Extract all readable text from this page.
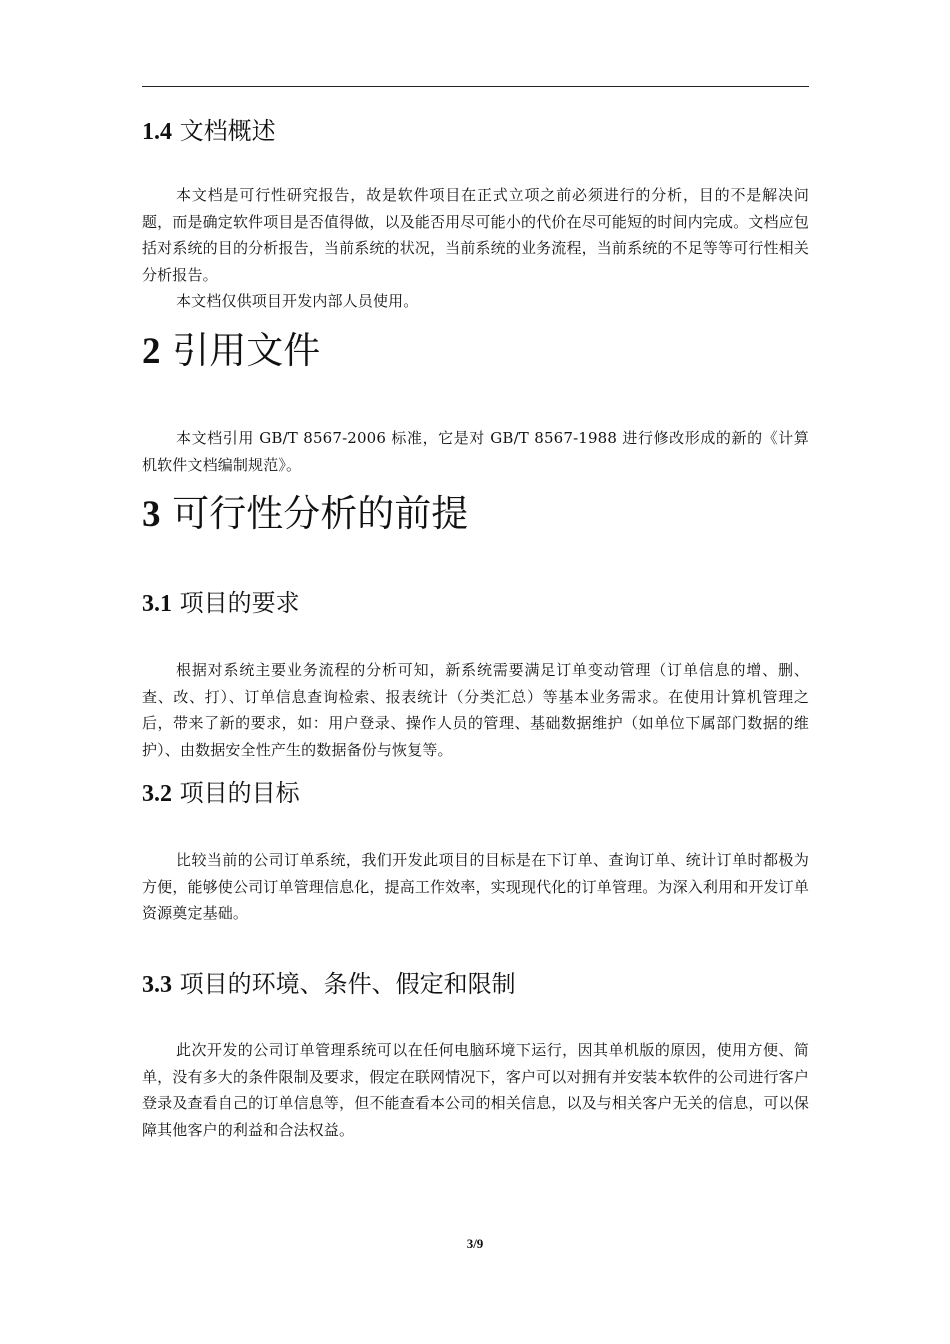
1.4 文档概述

本文档是可行性研究报告，故是软件项目在正式立项之前必须进行的分析，目的不是解决问题，而是确定软件项目是否值得做，以及能否用尽可能小的代价在尽可能短的时间内完成。文档应包括对系统的目的分析报告，当前系统的状况，当前系统的业务流程，当前系统的不足等等可行性相关分析报告。

本文档仅供项目开发内部人员使用。

2 引用文件

本文档引用 GB/T 8567-2006 标准，它是对 GB/T 8567-1988 进行修改形成的新的《计算机软件文档编制规范》。

3 可行性分析的前提
3.1 项目的要求

根据对系统主要业务流程的分析可知，新系统需要满足订单变动管理（订单信息的增、删、查、改、打）、订单信息查询检索、报表统计（分类汇总）等基本业务需求。在使用计算机管理之后，带来了新的要求，如：用户登录、操作人员的管理、基础数据维护（如单位下属部门数据的维护）、由数据安全性产生的数据备份与恢复等。

3.2 项目的目标

比较当前的公司订单系统，我们开发此项目的目标是在下订单、查询订单、统计订单时都极为方便，能够使公司订单管理信息化，提高工作效率，实现现代化的订单管理。为深入利用和开发订单资源奠定基础。

3.3 项目的环境、条件、假定和限制

此次开发的公司订单管理系统可以在任何电脑环境下运行，因其单机版的原因，使用方便、简单，没有多大的条件限制及要求，假定在联网情况下，客户可以对拥有并安装本软件的公司进行客户登录及查看自己的订单信息等，但不能查看本公司的相关信息，以及与相关客户无关的信息，可以保障其他客户的利益和合法权益。

3/9
